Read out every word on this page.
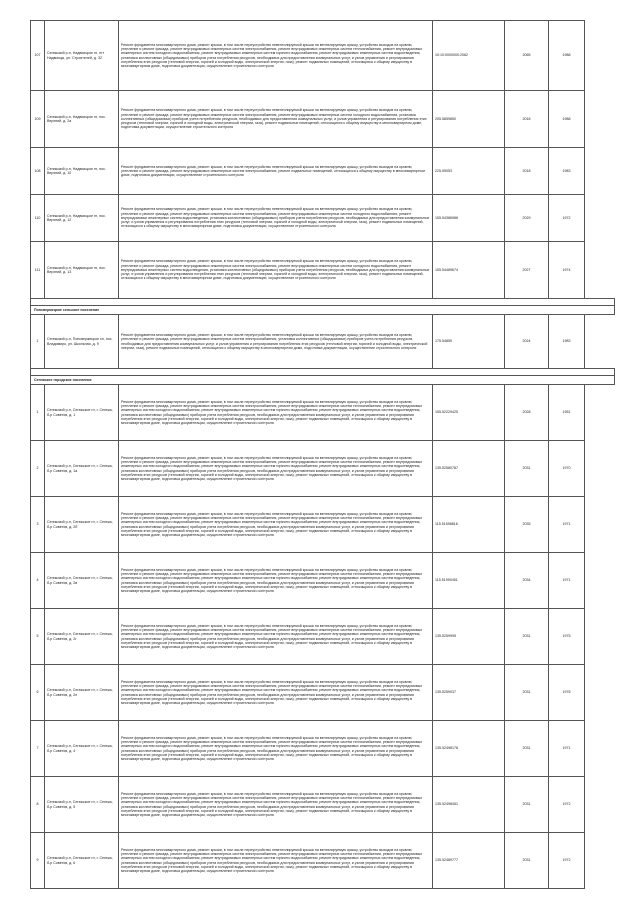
107	Сегежский р-н, Надвоицкое гп, пгт Надвоицы, ул. Строителей, д. 32	Ремонт фундамента многоквартирного дома, ремонт крыши, в том числе переустройство невентилируемой крыши на вентилируемую крышу, устройство выходов на кровлю, утепление и ремонт фасада, ремонт внутридомовых инженерных систем электроснабжения, ремонт внутридомовых инженерных систем теплоснабжения, ремонт внутридомовых инженерных систем холодного водоснабжения, ремонт внутридомовых инженерных систем горячего водоснабжения, ремонт внутридомовых инженерных систем водоотведения, установка коллективных (общедомовых) приборов учета потребления ресурсов, необходимых для предоставления коммунальных услуг, и узлов управления и регулирования потребления этих ресурсов (тепловой энергии, горячей и холодной воды, электрической энергии, газа), ремонт подвальных помещений, относящихся к общему имуществу в многоквартирном доме, подготовка документации, осуществление строительного контроля	10:10:0000000:2062	2065	1988
109	Сегежский р-н, Надвоицкое гп, пос. Верхний, д. 2а	Ремонт фундамента многоквартирного дома, ремонт крыши, в том числе переустройство невентилируемой крыши на вентилируемую крышу, устройство выходов на кровлю, утепление и ремонт фасада, ремонт внутридомовых инженерных систем электроснабжения, ремонт внутридомовых инженерных систем холодного водоснабжения, установка коллективных (общедомовых) приборов учета потребления ресурсов, необходимых для предоставления коммунальных услуг, и узлов управления и регулирования потребления этих ресурсов (тепловой энергии, горячей и холодной воды, электрической энергии, газа), ремонт подвальных помещений, относящихся к общему имуществу в многоквартирном доме, подготовка документации, осуществление строительного контроля	205.5859850	2018	1988
108	Сегежский р-н, Надвоицкое гп, пос. Верхний, д. 10	Ремонт фундамента многоквартирного дома, ремонт крыши, в том числе переустройство невентилируемой крыши на вентилируемую крышу, устройство выходов на кровлю, утепление и ремонт фасада, ремонт внутридомовых инженерных систем электроснабжения, ремонт подвальных помещений, относящихся к общему имуществу в многоквартирном доме, подготовка документации, осуществление строительного контроля	225.59053	2018	1983
110	Сегежский р-н, Надвоицкое гп, пос. Верхний, д. 12	Ремонт фундамента многоквартирного дома, ремонт крыши, в том числе переустройство невентилируемой крыши на вентилируемую крышу, устройство выходов на кровлю, утепление и ремонт фасада, ремонт внутридомовых инженерных систем электроснабжения, ремонт внутридомовых инженерных систем холодного водоснабжения, ремонт внутридомовых инженерных систем водоотведения, установка коллективных (общедомовых) приборов учета потребления ресурсов, необходимых для предоставления коммунальных услуг, и узлов управления и регулирования потребления этих ресурсов (тепловой энергии, горячей и холодной воды, электрической энергии, газа), ремонт подвальных помещений, относящихся к общему имуществу в многоквартирном доме, подготовка документации, осуществление строительного контроля	155.54386986	2029	1972
111	Сегежский р-н, Надвоицкое гп, пос. Верхний, д. 13	Ремонт фундамента многоквартирного дома, ремонт крыши, в том числе переустройство невентилируемой крыши на вентилируемую крышу, устройство выходов на кровлю, утепление и ремонт фасада, ремонт внутридомовых инженерных систем электроснабжения, ремонт внутридомовых инженерных систем холодного водоснабжения, ремонт внутридомовых инженерных систем водоотведения, установка коллективных (общедомовых) приборов учета потребления ресурсов, необходимых для предоставления коммунальных услуг, и узлов управления и регулирования потребления этих ресурсов (тепловой энергии, горячей и холодной воды, электрической энергии, газа), ремонт подвальных помещений, относящихся к общему имуществу в многоквартирном доме, подготовка документации, осуществление строительного контроля	155.54489674	2027	1974

Попсвержецкое сельское поселение					
1	Сегежский р-н, Попсвержецкое сп, пос. Владимиро, ул. Школьная, д. 9	Ремонт фундамента многоквартирного дома, ремонт крыши, в том числе переустройство невентилируемой крыши на вентилируемую крышу, устройство выходов на кровлю, утепление и ремонт фасада, ремонт внутридомовых инженерных систем электроснабжения, установка коллективных (общедомовых) приборов учета потребления ресурсов, необходимых для предоставления коммунальных услуг, и узлов управления и регулирования потребления этих ресурсов (тепловой энергии, горячей и холодной воды, электрической энергии, газа), ремонт подвальных помещений, относящихся к общему имуществу в многоквартирном доме, подготовка документации, осуществление строительного контроля	175.54859	2024	1983

Сегежское городское поселение					
1	Сегежский р-н, Сегежское гп, г. Сегежа, б-р Советов, д. 1	Ремонт фундамента многоквартирного дома, ремонт крыши, в том числе переустройство невентилируемой крыши на вентилируемую крышу, устройство выходов на кровлю, утепление и ремонт фасада, ремонт внутридомовых инженерных систем электроснабжения, ремонт внутридомовых инженерных систем теплоснабжения, ремонт внутридомовых инженерных систем холодного водоснабжения, ремонт внутридомовых инженерных систем горячего водоснабжения, ремонт внутридомовых инженерных систем водоотведения, установка коллективных (общедомовых) приборов учета потребления ресурсов, необходимых для предоставления коммунальных услуг, и узлов управления и регулирования потребления этих ресурсов (тепловой энергии, горячей и холодной воды, электрической энергии, газа), ремонт подвальных помещений, относящихся к общему имуществу в многоквартирном доме, подготовка документации, осуществление строительного контроля	155.52229425	2028	1951
2	Сегежский р-н, Сегежское гп, г. Сегежа, б-р Советов, д. 1а	Ремонт фундамента многоквартирного дома, ремонт крыши, в том числе переустройство невентилируемой крыши на вентилируемую крышу, устройство выходов на кровлю, утепление и ремонт фасада, ремонт внутридомовых инженерных систем электроснабжения, ремонт внутридомовых инженерных систем теплоснабжения, ремонт внутридомовых инженерных систем холодного водоснабжения, ремонт внутридомовых инженерных систем горячего водоснабжения, ремонт внутридомовых инженерных систем водоотведения, установка коллективных (общедомовых) приборов учета потребления ресурсов, необходимых для предоставления коммунальных услуг, и узлов управления и регулирования потребления этих ресурсов (тепловой энергии, горячей и холодной воды, электрической энергии, газа), ремонт подвальных помещений, относящихся к общему имуществу в многоквартирном доме, подготовка документации, осуществление строительного контроля	135.52580787	2031	1970
3	Сегежский р-н, Сегежское гп, г. Сегежа, б-р Советов, д. 2б	Ремонт фундамента многоквартирного дома, ремонт крыши, в том числе переустройство невентилируемой крыши на вентилируемую крышу, устройство выходов на кровлю, утепление и ремонт фасада, ремонт внутридомовых инженерных систем электроснабжения, ремонт внутридомовых инженерных систем теплоснабжения, ремонт внутридомовых инженерных систем холодного водоснабжения, ремонт внутридомовых инженерных систем горячего водоснабжения, ремонт внутридомовых инженерных систем водоотведения, установка коллективных (общедомовых) приборов учета потребления ресурсов, необходимых для предоставления коммунальных услуг, и узлов управления и регулирования потребления этих ресурсов (тепловой энергии, горячей и холодной воды, электрической энергии, газа), ремонт подвальных помещений, относящихся к общему имуществу в многоквартирном доме, подготовка документации, осуществление строительного контроля	115.51598816	2035	1971
4	Сегежский р-н, Сегежское гп, г. Сегежа, б-р Советов, д. 2в	Ремонт фундамента многоквартирного дома, ремонт крыши, в том числе переустройство невентилируемой крыши на вентилируемую крышу, устройство выходов на кровлю, утепление и ремонт фасада, ремонт внутридомовых инженерных систем электроснабжения, ремонт внутридомовых инженерных систем теплоснабжения, ремонт внутридомовых инженерных систем холодного водоснабжения, ремонт внутридомовых инженерных систем горячего водоснабжения, ремонт внутридомовых инженерных систем водоотведения, установка коллективных (общедомовых) приборов учета потребления ресурсов, необходимых для предоставления коммунальных услуг, и узлов управления и регулирования потребления этих ресурсов (тепловой энергии, горячей и холодной воды, электрической энергии, газа), ремонт подвальных помещений, относящихся к общему имуществу в многоквартирном доме, подготовка документации, осуществление строительного контроля	115.51990451	2034	1971
5	Сегежский р-н, Сегежское гп, г. Сегежа, б-р Советов, д. 2г	Ремонт фундамента многоквартирного дома, ремонт крыши, в том числе переустройство невентилируемой крыши на вентилируемую крышу, устройство выходов на кровлю, утепление и ремонт фасада, ремонт внутридомовых инженерных систем электроснабжения, ремонт внутридомовых инженерных систем теплоснабжения, ремонт внутридомовых инженерных систем холодного водоснабжения, ремонт внутридомовых инженерных систем горячего водоснабжения, ремонт внутридомовых инженерных систем водоотведения, установка коллективных (общедомовых) приборов учета потребления ресурсов, необходимых для предоставления коммунальных услуг, и узлов управления и регулирования потребления этих ресурсов (тепловой энергии, горячей и холодной воды, электрической энергии, газа), ремонт подвальных помещений, относящихся к общему имуществу в многоквартирном доме, подготовка документации, осуществление строительного контроля	135.5259995	2031	1975
6	Сегежский р-н, Сегежское гп, г. Сегежа, б-р Советов, д. 2е	Ремонт фундамента многоквартирного дома, ремонт крыши, в том числе переустройство невентилируемой крыши на вентилируемую крышу, устройство выходов на кровлю, утепление и ремонт фасада, ремонт внутридомовых инженерных систем электроснабжения, ремонт внутридомовых инженерных систем теплоснабжения, ремонт внутридомовых инженерных систем холодного водоснабжения, ремонт внутридомовых инженерных систем горячего водоснабжения, ремонт внутридомовых инженерных систем водоотведения, установка коллективных (общедомовых) приборов учета потребления ресурсов, необходимых для предоставления коммунальных услуг, и узлов управления и регулирования потребления этих ресурсов (тепловой энергии, горячей и холодной воды, электрической энергии, газа), ремонт подвальных помещений, относящихся к общему имуществу в многоквартирном доме, подготовка документации, осуществление строительного контроля	135.5259037	2031	1976
7	Сегежский р-н, Сегежское гп, г. Сегежа, б-р Советов, д. 4	Ремонт фундамента многоквартирного дома, ремонт крыши, в том числе переустройство невентилируемой крыши на вентилируемую крышу, устройство выходов на кровлю, утепление и ремонт фасада, ремонт внутридомовых инженерных систем электроснабжения, ремонт внутридомовых инженерных систем теплоснабжения, ремонт внутридомовых инженерных систем холодного водоснабжения, ремонт внутридомовых инженерных систем горячего водоснабжения, ремонт внутридомовых инженерных систем водоотведения, установка коллективных (общедомовых) приборов учета потребления ресурсов, необходимых для предоставления коммунальных услуг, и узлов управления и регулирования потребления этих ресурсов (тепловой энергии, горячей и холодной воды, электрической энергии, газа), ремонт подвальных помещений, относящихся к общему имуществу в многоквартирном доме, подготовка документации, осуществление строительного контроля	135.52498178	2031	1971
8	Сегежский р-н, Сегежское гп, г. Сегежа, б-р Советов, д. 5	Ремонт фундамента многоквартирного дома, ремонт крыши, в том числе переустройство невентилируемой крыши на вентилируемую крышу, устройство выходов на кровлю, утепление и ремонт фасада, ремонт внутридомовых инженерных систем электроснабжения, ремонт внутридомовых инженерных систем теплоснабжения, ремонт внутридомовых инженерных систем холодного водоснабжения, ремонт внутридомовых инженерных систем горячего водоснабжения, ремонт внутридомовых инженерных систем водоотведения, установка коллективных (общедомовых) приборов учета потребления ресурсов, необходимых для предоставления коммунальных услуг, и узлов управления и регулирования потребления этих ресурсов (тепловой энергии, горячей и холодной воды, электрической энергии, газа), ремонт подвальных помещений, относящихся к общему имуществу в многоквартирном доме, подготовка документации, осуществление строительного контроля	135.52498451	2031	1972
9	Сегежский р-н, Сегежское гп, г. Сегежа, б-р Советов, д. 6	Ремонт фундамента многоквартирного дома, ремонт крыши, в том числе переустройство невентилируемой крыши на вентилируемую крышу, устройство выходов на кровлю, утепление и ремонт фасада, ремонт внутридомовых инженерных систем электроснабжения, ремонт внутридомовых инженерных систем теплоснабжения, ремонт внутридомовых инженерных систем холодного водоснабжения, ремонт внутридомовых инженерных систем горячего водоснабжения, ремонт внутридомовых инженерных систем водоотведения, установка коллективных (общедомовых) приборов учета потребления ресурсов, необходимых для предоставления коммунальных услуг, и узлов управления и регулирования потребления этих ресурсов (тепловой энергии, горячей и холодной воды, электрической энергии, газа), ремонт подвальных помещений, относящихся к общему имуществу в многоквартирном доме, подготовка документации, осуществление строительного контроля	135.52489777	2031	1972
